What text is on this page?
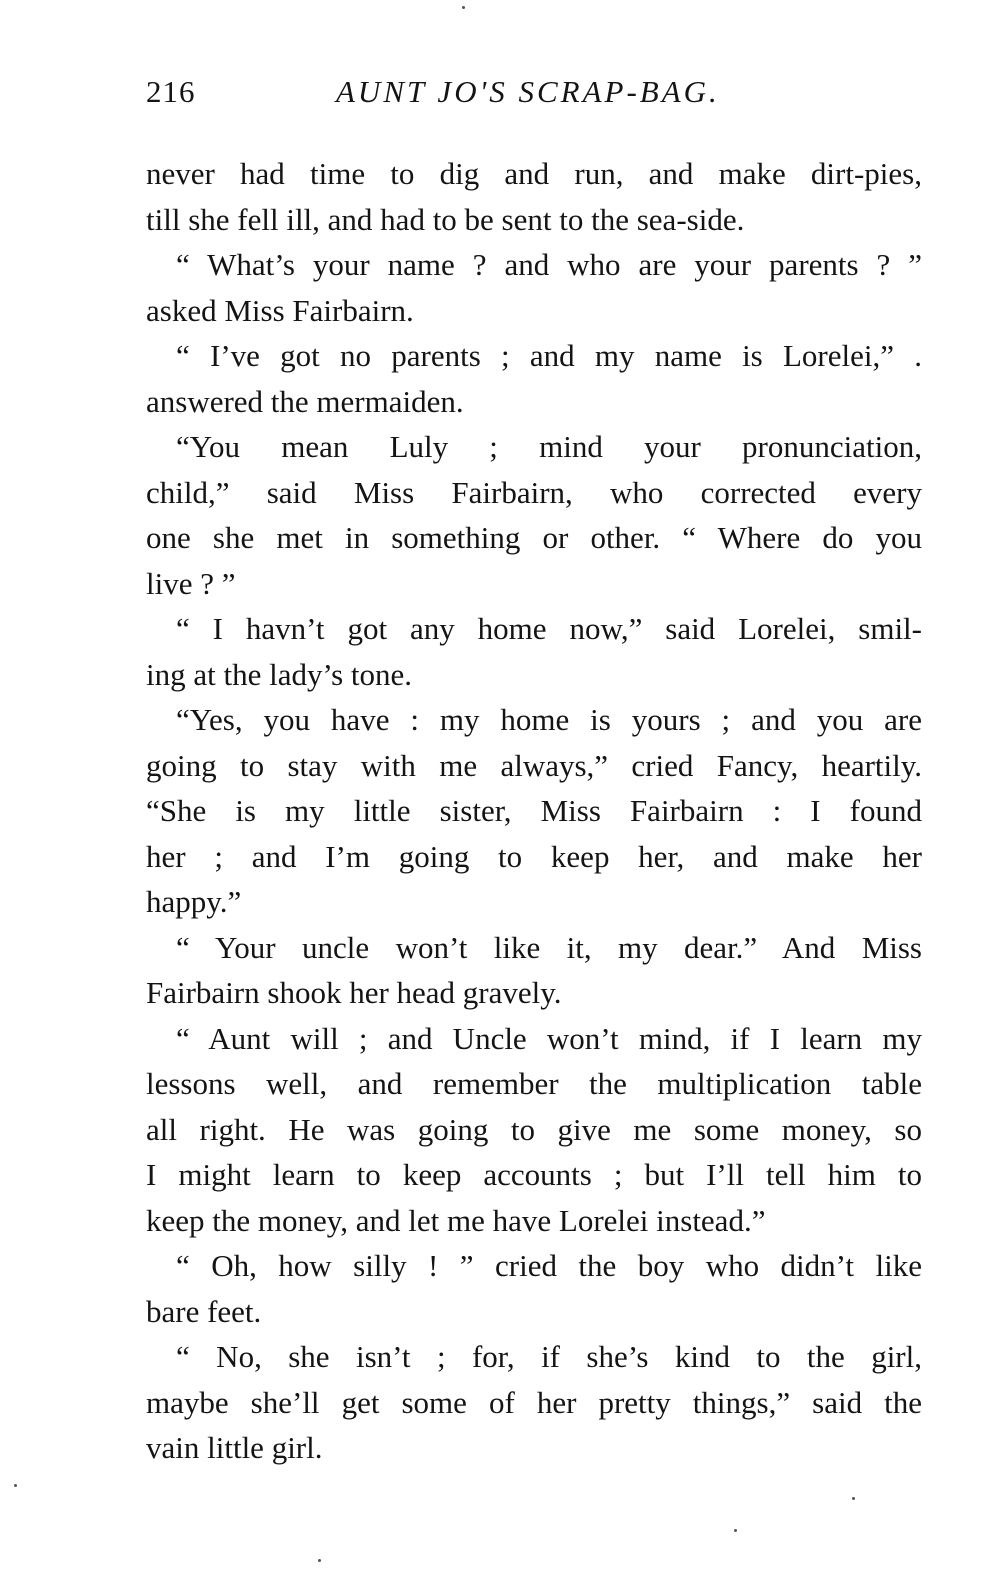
216	AUNT JO'S SCRAP-BAG.
never had time to dig and run, and make dirt-pies,
till she fell ill, and had to be sent to the sea-side.
“ What’s your name ? and who are your parents ? ”
asked Miss Fairbairn.
“ I’ve got no parents ; and my name is Lorelei,” .
answered the mermaiden.
“You mean Luly ; mind your pronunciation,
child,” said Miss Fairbairn, who corrected every
one she met in something or other. “ Where do you
live ? ”
“ I havn’t got any home now,” said Lorelei, smil-
ing at the lady’s tone.
“Yes, you have : my home is yours ; and you are
going to stay with me always,” cried Fancy, heartily.
“She is my little sister, Miss Fairbairn : I found
her ; and I’m going to keep her, and make her
happy.”
“ Your uncle won’t like it, my dear.” And Miss
Fairbairn shook her head gravely.
“ Aunt will ; and Uncle won’t mind, if I learn my
lessons well, and remember the multiplication table
all right. He was going to give me some money, so
I might learn to keep accounts ; but I’ll tell him to
keep the money, and let me have Lorelei instead.”
“ Oh, how silly ! ” cried the boy who didn’t like
bare feet.
“ No, she isn’t ; for, if she’s kind to the girl,
maybe she’ll get some of her pretty things,” said the
vain little girl.
